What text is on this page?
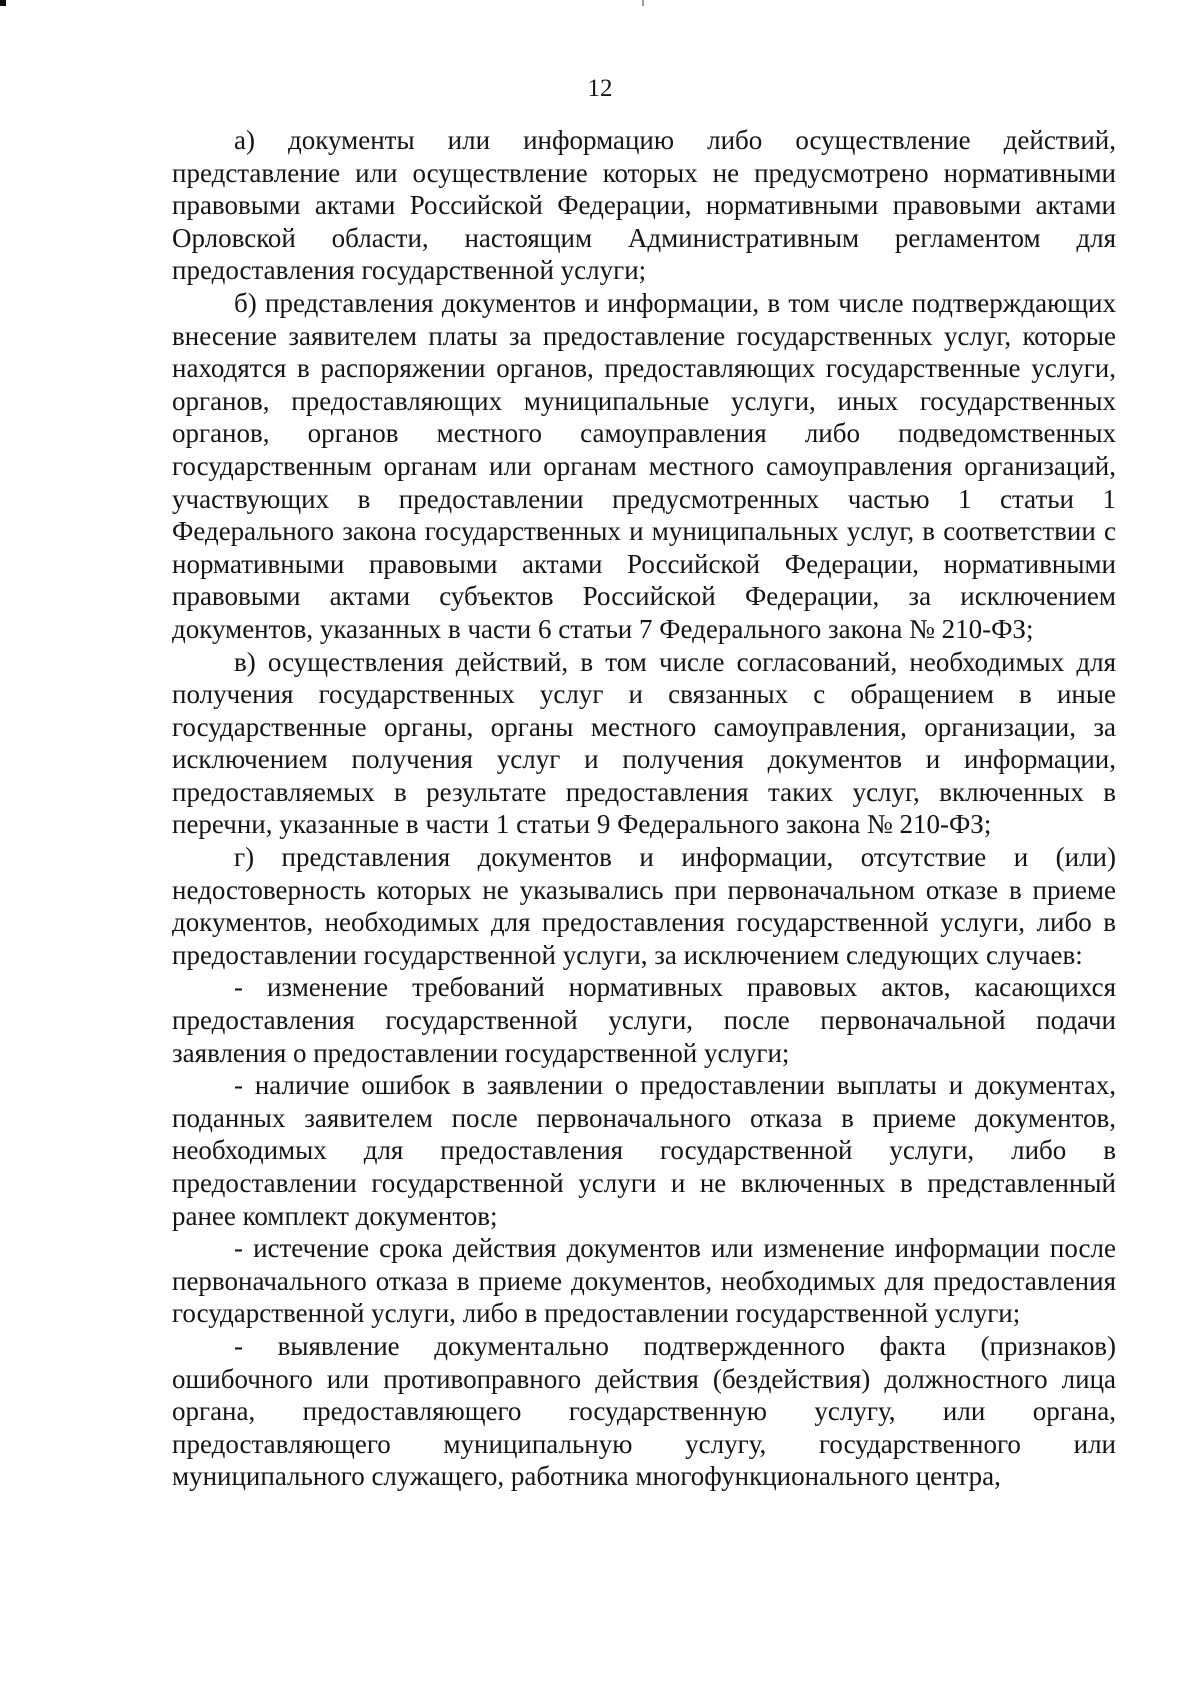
12

а) документы или информацию либо осуществление действий, представление или осуществление которых не предусмотрено нормативными правовыми актами Российской Федерации, нормативными правовыми актами Орловской области, настоящим Административным регламентом для предоставления государственной услуги;

б) представления документов и информации, в том числе подтверждающих внесение заявителем платы за предоставление государственных услуг, которые находятся в распоряжении органов, предоставляющих государственные услуги, органов, предоставляющих муниципальные услуги, иных государственных органов, органов местного самоуправления либо подведомственных государственным органам или органам местного самоуправления организаций, участвующих в предоставлении предусмотренных частью 1 статьи 1 Федерального закона государственных и муниципальных услуг, в соответствии с нормативными правовыми актами Российской Федерации, нормативными правовыми актами субъектов Российской Федерации, за исключением документов, указанных в части 6 статьи 7 Федерального закона № 210-ФЗ;

в) осуществления действий, в том числе согласований, необходимых для получения государственных услуг и связанных с обращением в иные государственные органы, органы местного самоуправления, организации, за исключением получения услуг и получения документов и информации, предоставляемых в результате предоставления таких услуг, включенных в перечни, указанные в части 1 статьи 9 Федерального закона № 210-ФЗ;

г) представления документов и информации, отсутствие и (или) недостоверность которых не указывались при первоначальном отказе в приеме документов, необходимых для предоставления государственной услуги, либо в предоставлении государственной услуги, за исключением следующих случаев:

- изменение требований нормативных правовых актов, касающихся предоставления государственной услуги, после первоначальной подачи заявления о предоставлении государственной услуги;

- наличие ошибок в заявлении о предоставлении выплаты и документах, поданных заявителем после первоначального отказа в приеме документов, необходимых для предоставления государственной услуги, либо в предоставлении государственной услуги и не включенных в представленный ранее комплект документов;

- истечение срока действия документов или изменение информации после первоначального отказа в приеме документов, необходимых для предоставления государственной услуги, либо в предоставлении государственной услуги;

- выявление документально подтвержденного факта (признаков) ошибочного или противоправного действия (бездействия) должностного лица органа, предоставляющего государственную услугу, или органа, предоставляющего муниципальную услугу, государственного или муниципального служащего, работника многофункционального центра,
